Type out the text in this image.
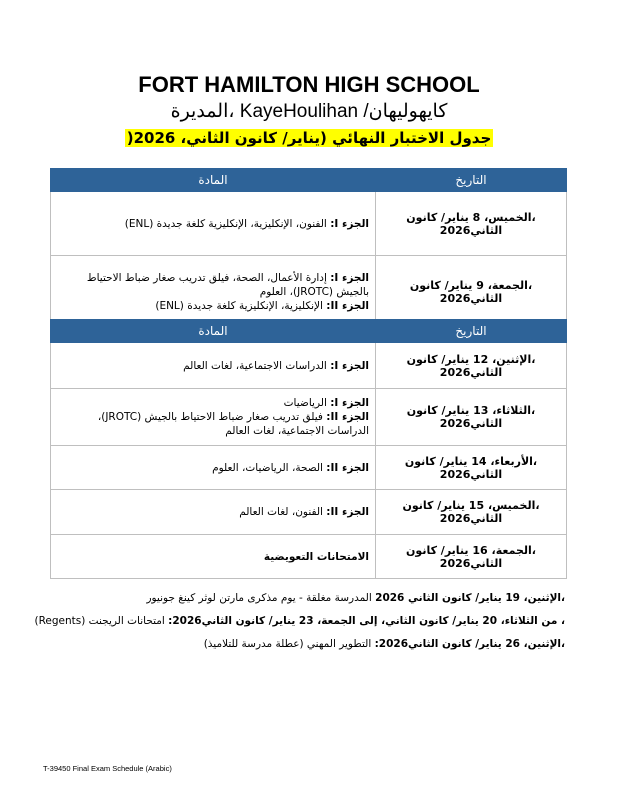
FORT HAMILTON HIGH SCHOOL
كايهوليهان/ KayeHoulihan ،المديرة
جدول الاختبار النهائي (يناير/ كانون الثاني، 2026(
التاريخ	المادة
،الخميس، 8 يناير/ كانون الثاني2026	الجزء I: الفنون، الإنكليزية، الإنكليزية كلغة جديدة (ENL)

،الجمعة، 9 يناير/ كانون الثاني2026	الجزء I: إدارة الأعمال، الصحة، فيلق تدريب صغار ضباط الاحتياط بالجيش (JROTC)، العلوم
الجزء II: الإنكليزية، الإنكليزية كلغة جديدة (ENL)
التاريخ	المادة
،الإثنين، 12 يناير/ كانون الثاني2026	الجزء I: الدراسات الاجتماعية، لغات العالم

،الثلاثاء، 13 يناير/ كانون الثاني2026	الجزء I: الرياضيات
الجزء II: فيلق تدريب صغار ضباط الاحتياط بالجيش (JROTC)، الدراسات الاجتماعية، لغات العالم

،الأربعاء، 14 يناير/ كانون الثاني2026	الجزء II: الصحة، الرياضيات، العلوم

،الخميس، 15 يناير/ كانون الثاني2026	الجزء II: الفنون، لغات العالم

،الجمعة، 16 يناير/ كانون الثاني2026	الامتحانات التعويضية
،الإثنين، 19 يناير/ كانون الثاني 2026 المدرسة مغلقة - يوم مذكرى مارتن لوثر كينغ جونيور
، من الثلاثاء، 20 يناير/ كانون الثاني، إلى الجمعة، 23 يناير/ كانون الثاني2026: امتحانات الريجنت (Regents)
،الإثنين، 26 يناير/ كانون الثاني2026: التطوير المهني (عطلة مدرسة للتلاميذ)
T-39450 Final Exam Schedule (Arabic)
